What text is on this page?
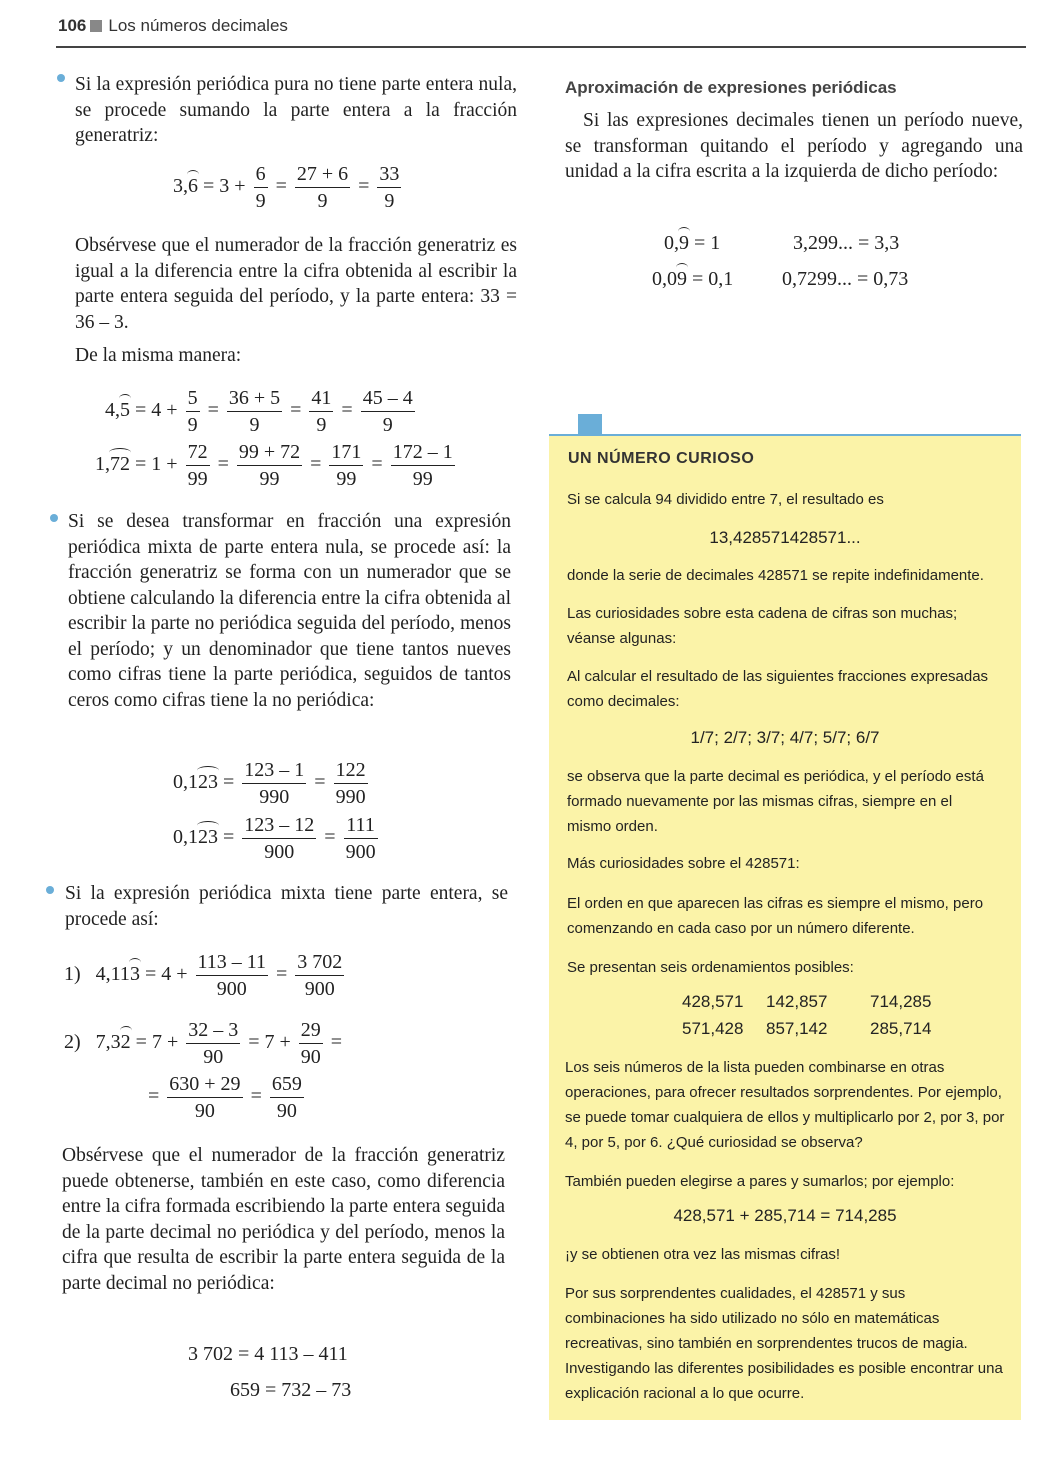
106 Los números decimales
Si la expresión periódica pura no tiene parte entera nula, se procede sumando la parte entera a la fracción generatriz:
$3,6 = 3 + \frac{6}{9} = \frac{27 + 6}{9} = \frac{33}{9}$
Obsérvese que el numerador de la fracción generatriz es igual a la diferencia entre la cifra obtenida al escribir la parte entera seguida del período, y la parte entera: 33 = 36 – 3.
De la misma manera:
$4,5 = 4 + \frac{5}{9} = \frac{36 + 5}{9} = \frac{41}{9} = \frac{45 - 4}{9}$
$1,72 = 1 + \frac{72}{99} = \frac{99 + 72}{99} = \frac{171}{99} = \frac{172 - 1}{99}$
Si se desea transformar en fracción una expresión periódica mixta de parte entera nula, se procede así: la fracción generatriz se forma con un numerador que se obtiene calculando la diferencia entre la cifra obtenida al escribir la parte no periódica seguida del período, menos el período; y un denominador que tiene tantos nueves como cifras tiene la parte periódica, seguidos de tantos ceros como cifras tiene la no periódica:
$0,123 = \frac{123 - 1}{990} = \frac{122}{990}$
$0,123 = \frac{123 - 12}{900} = \frac{111}{900}$
Si la expresión periódica mixta tiene parte entera, se procede así:
1) $4,113 = 4 + \frac{113 - 11}{900} = \frac{3 702}{900}$
2) $7,32 = 7 + \frac{32 - 3}{90} = 7 + \frac{29}{90}$ =
= $\frac{630 + 29}{90} = \frac{659}{90}$
Obsérvese que el numerador de la fracción generatriz puede obtenerse, también en este caso, como diferencia entre la cifra formada escribiendo la parte entera seguida de la parte decimal no periódica y del período, menos la cifra que resulta de escribir la parte entera seguida de la parte decimal no periódica:
3 702 = 4 113 – 411
659 = 732 – 73
Aproximación de expresiones periódicas
Si las expresiones decimales tienen un período nueve, se transforman quitando el período y agregando una unidad a la cifra escrita a la izquierda de dicho período:
0,9 = 1	3,299... = 3,3
0,09 = 0,1 0,7299... = 0,73
UN NÚMERO CURIOSO
Si se calcula 94 dividido entre 7, el resultado es
13,428571428571...
donde la serie de decimales 428571 se repite indefinidamente.
Las curiosidades sobre esta cadena de cifras son muchas; véanse algunas:
Al calcular el resultado de las siguientes fracciones expresadas como decimales:
1/7; 2/7; 3/7; 4/7; 5/7; 6/7
se observa que la parte decimal es periódica, y el período está formado nuevamente por las mismas cifras, siempre en el mismo orden.
Más curiosidades sobre el 428571:
El orden en que aparecen las cifras es siempre el mismo, pero comenzando en cada caso por un número diferente.
Se presentan seis ordenamientos posibles:
428,571 142,857	714,285
571,428 857,142	285,714
Los seis números de la lista pueden combinarse en otras operaciones, para ofrecer resultados sorprendentes. Por ejemplo, se puede tomar cualquiera de ellos y multiplicarlo por 2, por 3, por 4, por 5, por 6. ¿Qué curiosidad se observa?
También pueden elegirse a pares y sumarlos; por ejemplo:
428,571 + 285,714 = 714,285
¡y se obtienen otra vez las mismas cifras!
Por sus sorprendentes cualidades, el 428571 y sus combinaciones ha sido utilizado no sólo en matemáticas recreativas, sino también en sorprendentes trucos de magia. Investigando las diferentes posibilidades es posible encontrar una explicación racional a lo que ocurre.
